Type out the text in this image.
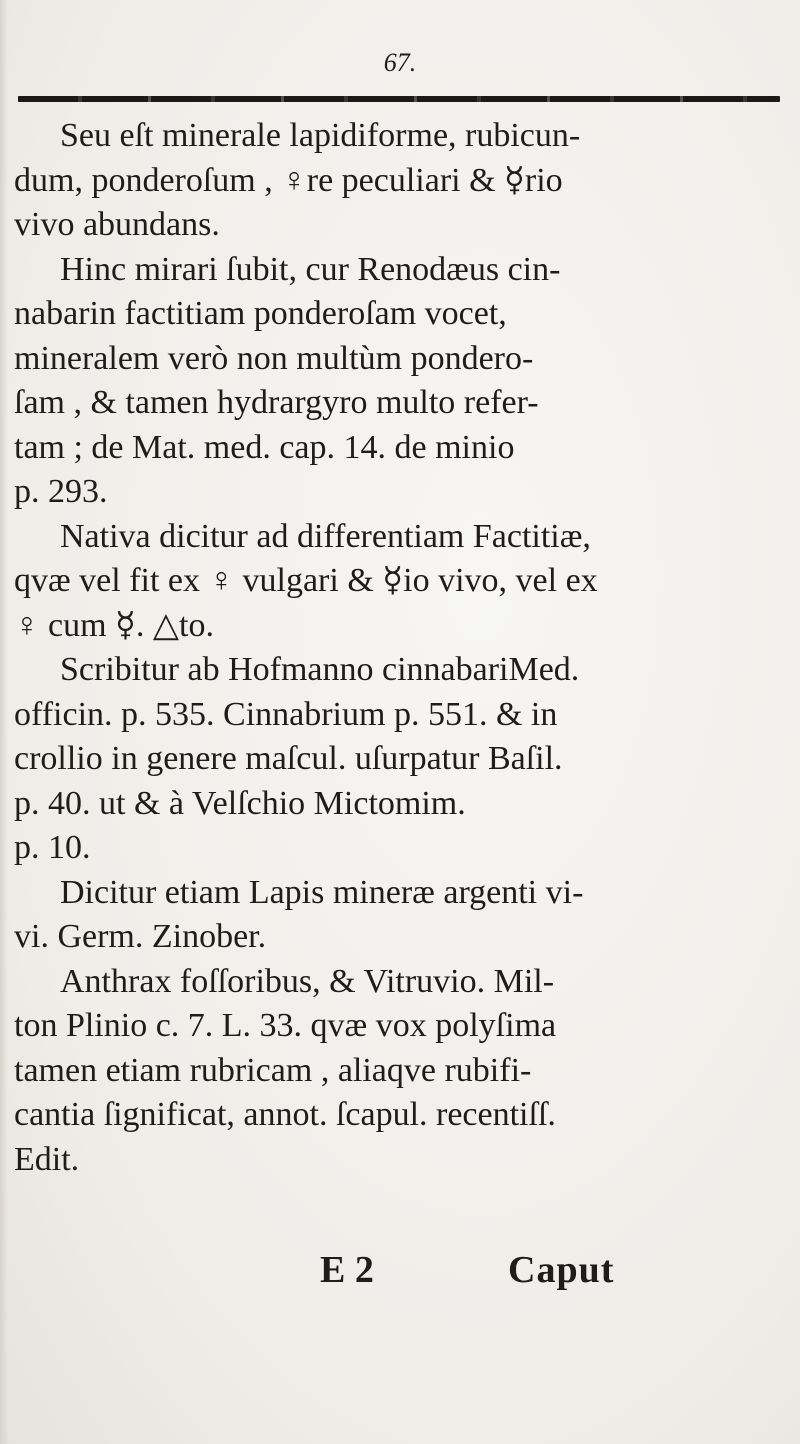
67.
Seu eſt minerale lapidiforme, rubicun-
dum, ponderoſum , ♀re peculiari & ☿rio
vivo abundans.
Hinc mirari ſubit, cur Renodæus cin-
nabarin factitiam ponderoſam vocet,
mineralem verò non multùm pondero-
ſam , & tamen hydrargyro multo refer-
tam ; de Mat. med. cap. 14. de minio
p. 293.
Nativa dicitur ad differentiam Factitiæ,
qvæ vel fit ex ♀ vulgari & ☿io vivo, vel ex
♀ cum ☿. △to.
Scribitur ab Hofmanno cinnabariMed.
officin. p. 535. Cinnabrium p. 551. & in
crollio in genere maſcul. uſurpatur Baſil.
p. 40. ut & à Velſchio Mictomim.
p. 10.
Dicitur etiam Lapis mineræ argenti vi-
vi. Germ. Zinober.
Anthrax foſſoribus, & Vitruvio. Mil-
ton Plinio c. 7. L. 33. qvæ vox polyſima
tamen etiam rubricam , aliaqve rubifi-
cantia ſignificat, annot. ſcapul. recentiſſ.
Edit.
E 2	Caput
